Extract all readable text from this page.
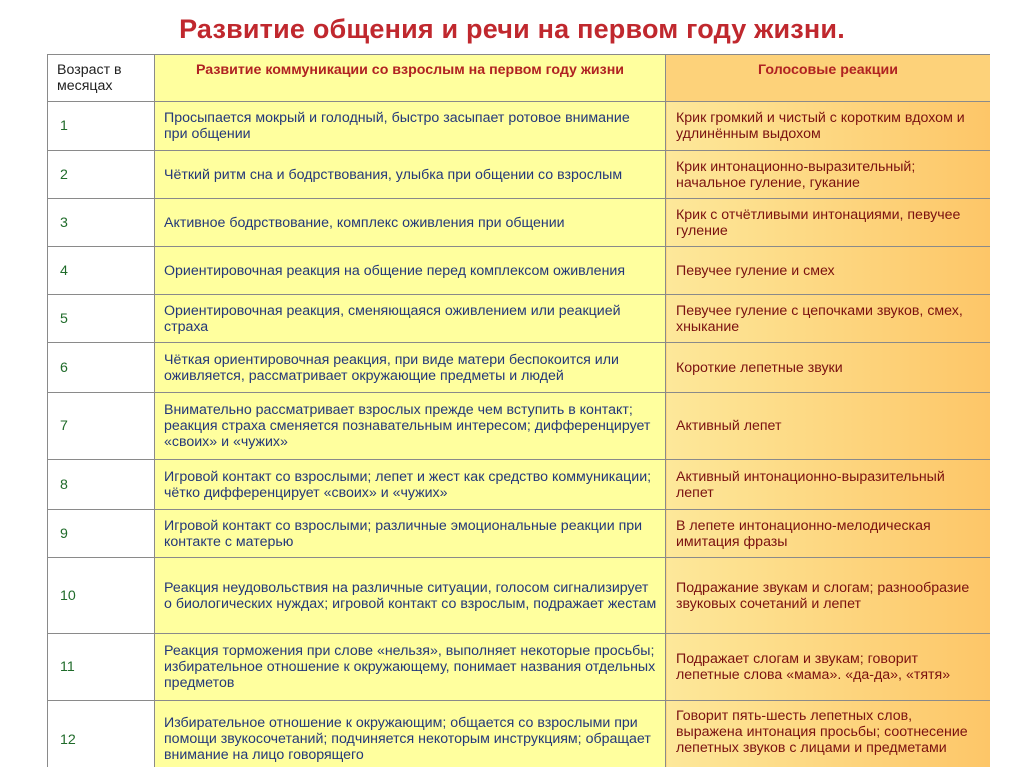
Развитие общения и речи на первом году жизни.
Возраст в месяцах	Развитие коммуникации со взрослым на первом году жизни	Голосовые реакции
1	Просыпается мокрый и голодный, быстро засыпает ротовое внимание при общении	Крик громкий и чистый с коротким вдохом и удлинённым выдохом
2	Чёткий ритм сна и бодрствования, улыбка при общении со взрослым	Крик интонационно-выразительный; начальное гуление, гукание
3	Активное бодрствование, комплекс оживления при общении	Крик с отчётливыми интонациями, певучее гуление
4	Ориентировочная реакция на общение перед комплексом оживления	Певучее гуление и смех
5	Ориентировочная реакция, сменяющаяся оживлением или реакцией страха	Певучее гуление с цепочками звуков, смех, хныкание
6	Чёткая ориентировочная реакция, при виде матери беспокоится или оживляется, рассматривает окружающие предметы и людей	Короткие лепетные звуки
7	Внимательно рассматривает взрослых прежде чем вступить в контакт; реакция страха сменяется познавательным интересом; дифференцирует «своих» и «чужих»	Активный лепет
8	Игровой контакт со взрослыми; лепет и жест как средство коммуникации; чётко дифференцирует «своих» и «чужих»	Активный интонационно-выразительный лепет
9	Игровой контакт со взрослыми; различные эмоциональные реакции при контакте с матерью	В лепете интонационно-мелодическая имитация фразы
10	Реакция неудовольствия на различные ситуации, голосом сигнализирует о биологических нуждах; игровой контакт со взрослым, подражает жестам	Подражание звукам и слогам; разнообразие звуковых сочетаний и лепет
11	Реакция торможения при слове «нельзя», выполняет некоторые просьбы; избирательное отношение к окружающему, понимает названия отдельных предметов	Подражает слогам и звукам; говорит лепетные слова «мама». «да-да», «тятя»
12	Избирательное отношение к окружающим; общается со взрослыми при помощи звукосочетаний; подчиняется некоторым инструкциям; обращает внимание на лицо говорящего	Говорит пять-шесть лепетных слов, выражена интонация просьбы; соотнесение лепетных звуков с лицами и предметами
